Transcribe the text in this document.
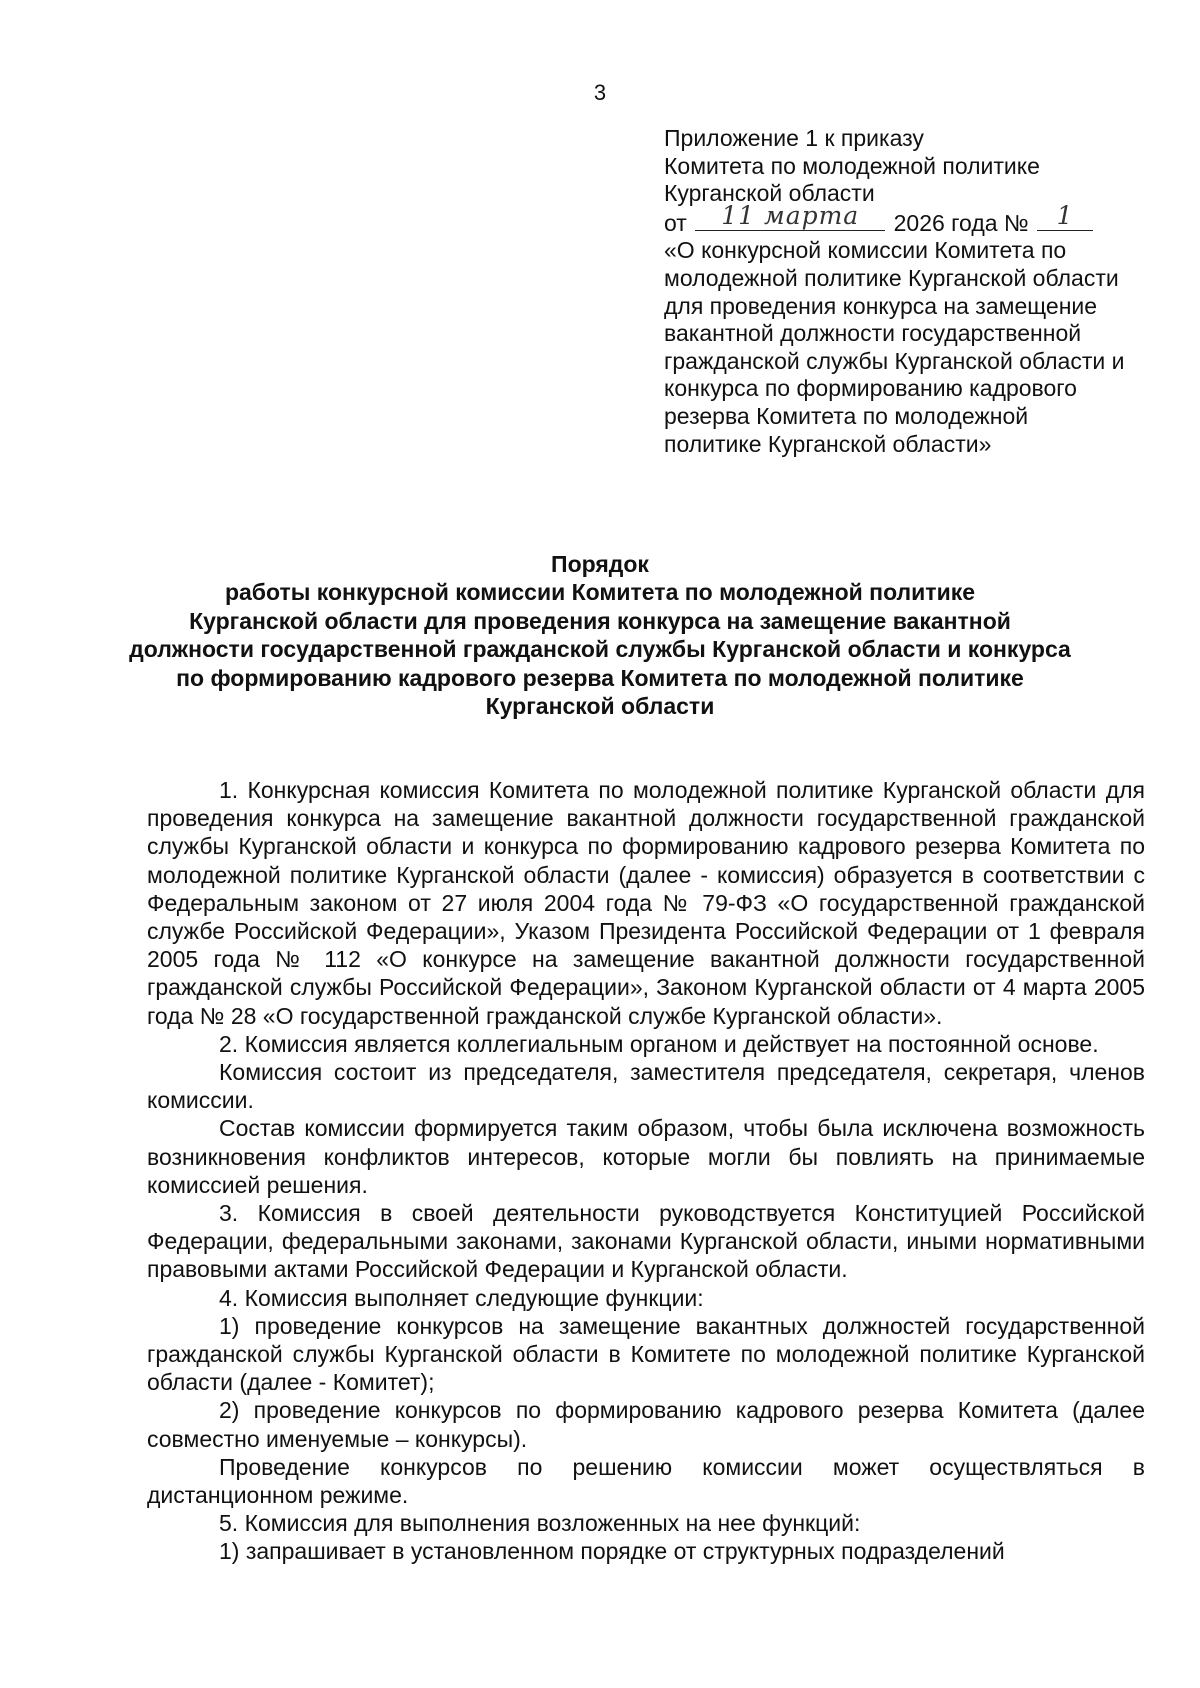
3
Приложение 1 к приказу
Комитета по молодежной политике
Курганской области
от	11 марта	2026 года №	1
«О конкурсной комиссии Комитета по
молодежной политике Курганской области
для проведения конкурса на замещение
вакантной должности государственной
гражданской службы Курганской области и
конкурса по формированию кадрового
резерва Комитета по молодежной
политике Курганской области»
Порядок
работы конкурсной комиссии Комитета по молодежной политике
Курганской области для проведения конкурса на замещение вакантной
должности государственной гражданской службы Курганской области и конкурса
по формированию кадрового резерва Комитета по молодежной политике
Курганской области

1. Конкурсная комиссия Комитета по молодежной политике Курганской области для проведения конкурса на замещение вакантной должности государственной гражданской службы Курганской области и конкурса по формированию кадрового резерва Комитета по молодежной политике Курганской области (далее - комиссия) образуется в соответствии с Федеральным законом от 27 июля 2004 года № 79-ФЗ «О государственной гражданской службе Российской Федерации», Указом Президента Российской Федерации от 1 февраля 2005 года № 112 «О конкурсе на замещение вакантной должности государственной гражданской службы Российской Федерации», Законом Курганской области от 4 марта 2005 года № 28 «О государственной гражданской службе Курганской области».

2. Комиссия является коллегиальным органом и действует на постоянной основе.

Комиссия состоит из председателя, заместителя председателя, секретаря, членов комиссии.

Состав комиссии формируется таким образом, чтобы была исключена возможность возникновения конфликтов интересов, которые могли бы повлиять на принимаемые комиссией решения.

3. Комиссия в своей деятельности руководствуется Конституцией Российской Федерации, федеральными законами, законами Курганской области, иными нормативными правовыми актами Российской Федерации и Курганской области.

4. Комиссия выполняет следующие функции:

1) проведение конкурсов на замещение вакантных должностей государственной гражданской службы Курганской области в Комитете по молодежной политике Курганской области (далее - Комитет);

2) проведение конкурсов по формированию кадрового резерва Комитета (далее совместно именуемые – конкурсы).

Проведение конкурсов по решению комиссии может осуществляться в дистанционном режиме.

5. Комиссия для выполнения возложенных на нее функций:

1) запрашивает в установленном порядке от структурных подразделений
